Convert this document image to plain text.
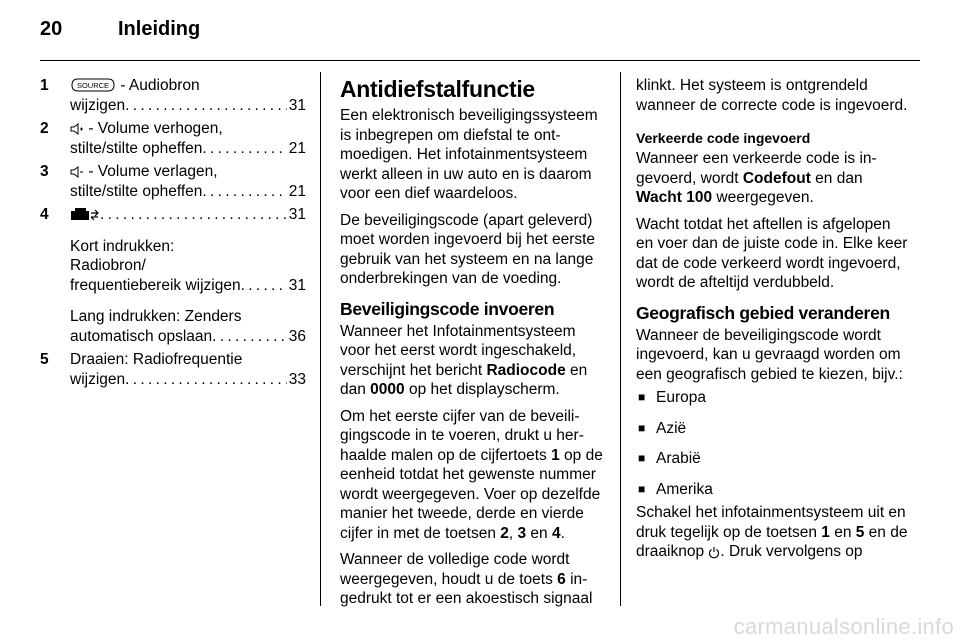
20	Inleiding
1	SOURCE - Audiobron
wijzigen . . .	31
2	- Volume verhogen,
stilte/stilte opheffen . . .	21
3	- Volume verlagen,
stilte/stilte opheffen . . .	21
4 . . .	31
Kort indrukken:
Radiobron/
frequentiebereik wijzigen . . .	31
Lang indrukken: Zenders
automatisch opslaan . . .	36
5 Draaien: Radiofrequentie
wijzigen . . .	33
Antidiefstalfunctie

Een elektronisch beveiligingssysteem is inbegrepen om diefstal te ontmoedigen. Het infotainmentsysteem werkt alleen in uw auto en is daarom voor een dief waardeloos.

De beveiligingscode (apart geleverd) moet worden ingevoerd bij het eerste gebruik van het systeem en na lange onderbrekingen van de voeding.

Beveiligingscode invoeren

Wanneer het Infotainmentsysteem voor het eerst wordt ingeschakeld, verschijnt het bericht Radiocode en dan 0000 op het displayscherm.

Om het eerste cijfer van de beveiligingscode in te voeren, drukt u herhaalde malen op de cijfertoets 1 op de eenheid totdat het gewenste nummer wordt weergegeven. Voer op dezelfde manier het tweede, derde en vierde cijfer in met de toetsen 2, 3 en 4.

Wanneer de volledige code wordt weergegeven, houdt u de toets 6 ingedrukt tot er een akoestisch signaal

klinkt. Het systeem is ontgrendeld wanneer de correcte code is ingevoerd.

Verkeerde code ingevoerd

Wanneer een verkeerde code is ingevoerd, wordt Codefout en dan Wacht 100 weergegeven.

Wacht totdat het aftellen is afgelopen en voer dan de juiste code in. Elke keer dat de code verkeerd wordt ingevoerd, wordt de afteltijd verdubbeld.

Geografisch gebied veranderen

Wanneer de beveiligingscode wordt ingevoerd, kan u gevraagd worden om een geografisch gebied te kiezen, bijv.:

■ Europa
■ Azië
■ Arabië
■ Amerika

Schakel het infotainmentsysteem uit en druk tegelijk op de toetsen 1 en 5 en de draaiknop . Druk vervolgens op

carmanualsonline.info
